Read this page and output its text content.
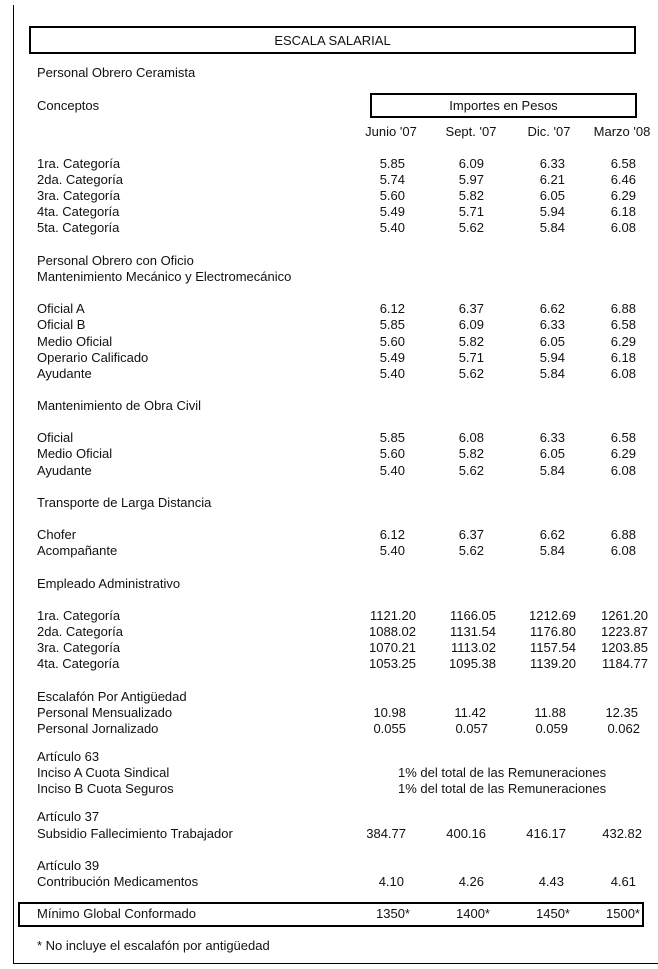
ESCALA SALARIAL
Importes en Pesos
Conceptos
Junio '07	Sept. '07	Dic. '07	Marzo '08
Personal Obrero Ceramista
1ra. Categoría	5.85	6.09	6.33	6.58
2da. Categoría	5.74	5.97	6.21	6.46
3ra. Categoría	5.60	5.82	6.05	6.29
4ta. Categoría	5.49	5.71	5.94	6.18
5ta. Categoría	5.40	5.62	5.84	6.08
Personal Obrero con Oficio
Mantenimiento Mecánico y Electromecánico
Oficial A	6.12	6.37	6.62	6.88
Oficial B	5.85	6.09	6.33	6.58
Medio Oficial	5.60	5.82	6.05	6.29
Operario Calificado	5.49	5.71	5.94	6.18
Ayudante	5.40	5.62	5.84	6.08
Mantenimiento de Obra Civil
Oficial	5.85	6.08	6.33	6.58
Medio Oficial	5.60	5.82	6.05	6.29
Ayudante	5.40	5.62	5.84	6.08
Transporte de Larga Distancia
Chofer	6.12	6.37	6.62	6.88
Acompañante	5.40	5.62	5.84	6.08
Empleado Administrativo
1ra. Categoría	1121.20	1166.05	1212.69	1261.20
2da. Categoría	1088.02	1131.54	1176.80	1223.87
3ra. Categoría	1070.21	1113.02	1157.54	1203.85
4ta. Categoría	1053.25	1095.38	1139.20	1184.77
Escalafón Por Antigüedad
Personal Mensualizado	10.98	11.42	11.88	12.35
Personal Jornalizado	0.055	0.057	0.059	0.062
Artículo 63
Inciso A Cuota Sindical	1% del total de las Remuneraciones
Inciso B Cuota Seguros	1% del total de las Remuneraciones
Artículo 37
Subsidio Fallecimiento Trabajador	384.77	400.16	416.17	432.82
Artículo 39
Contribución Medicamentos	4.10	4.26	4.43	4.61
Mínimo Global Conformado	1350*	1400*	1450*	1500*
* No incluye el escalafón por antigüedad
